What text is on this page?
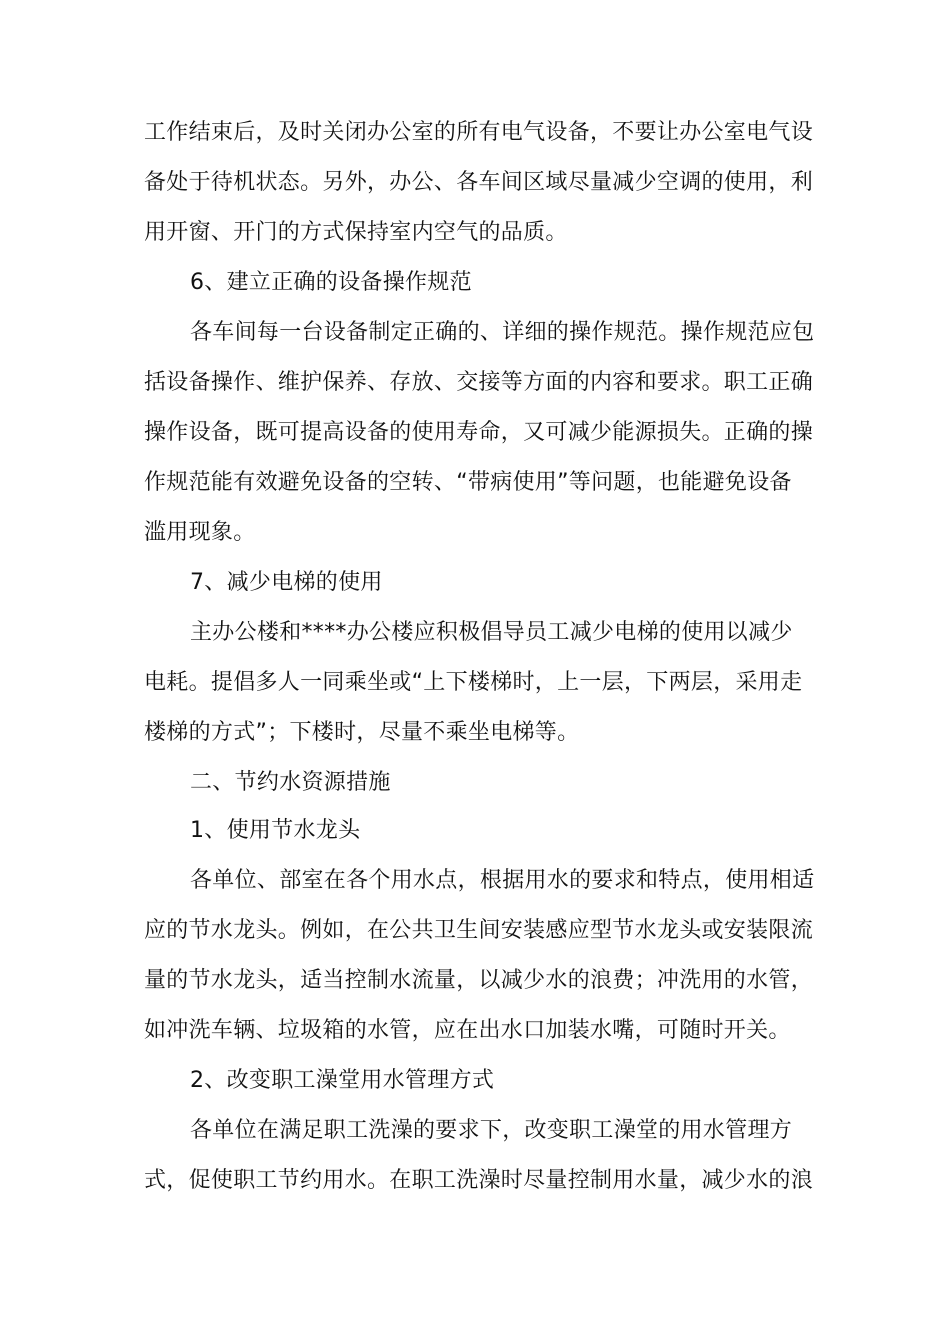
工作结束后，及时关闭办公室的所有电气设备，不要让办公室电气设
备处于待机状态。另外，办公、各车间区域尽量减少空调的使用，利
用开窗、开门的方式保持室内空气的品质。
6、建立正确的设备操作规范
各车间每一台设备制定正确的、详细的操作规范。操作规范应包
括设备操作、维护保养、存放、交接等方面的内容和要求。职工正确
操作设备，既可提高设备的使用寿命，又可减少能源损失。正确的操
作规范能有效避免设备的空转、“带病使用”等问题，也能避免设备
滥用现象。
7、减少电梯的使用
主办公楼和****办公楼应积极倡导员工减少电梯的使用以减少
电耗。提倡多人一同乘坐或“上下楼梯时，上一层，下两层，采用走
楼梯的方式”；下楼时，尽量不乘坐电梯等。
二、节约水资源措施
1、使用节水龙头
各单位、部室在各个用水点，根据用水的要求和特点，使用相适
应的节水龙头。例如，在公共卫生间安装感应型节水龙头或安装限流
量的节水龙头，适当控制水流量，以减少水的浪费；冲洗用的水管，
如冲洗车辆、垃圾箱的水管，应在出水口加装水嘴，可随时开关。
2、改变职工澡堂用水管理方式
各单位在满足职工洗澡的要求下，改变职工澡堂的用水管理方
式，促使职工节约用水。在职工洗澡时尽量控制用水量，减少水的浪
